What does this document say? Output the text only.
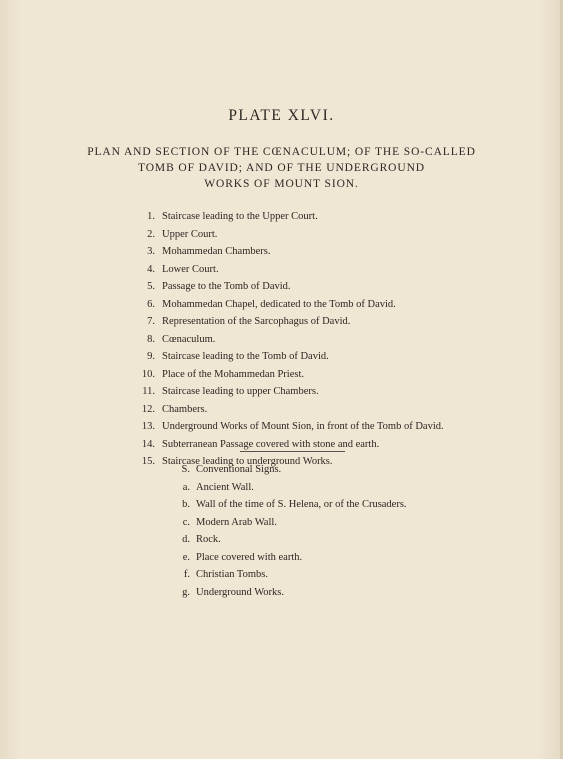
PLATE XLVI.
PLAN AND SECTION OF THE CŒNACULUM; OF THE SO-CALLED
TOMB OF DAVID; AND OF THE UNDERGROUND
WORKS OF MOUNT SION.
1. Staircase leading to the Upper Court.
2. Upper Court.
3. Mohammedan Chambers.
4. Lower Court.
5. Passage to the Tomb of David.
6. Mohammedan Chapel, dedicated to the Tomb of David.
7. Representation of the Sarcophagus of David.
8. Cœnaculum.
9. Staircase leading to the Tomb of David.
10. Place of the Mohammedan Priest.
11. Staircase leading to upper Chambers.
12. Chambers.
13. Underground Works of Mount Sion, in front of the Tomb of David.
14. Subterranean Passage covered with stone and earth.
15. Staircase leading to underground Works.
S. Conventional Signs.
a. Ancient Wall.
b. Wall of the time of S. Helena, or of the Crusaders.
c. Modern Arab Wall.
d. Rock.
e. Place covered with earth.
f. Christian Tombs.
g. Underground Works.
